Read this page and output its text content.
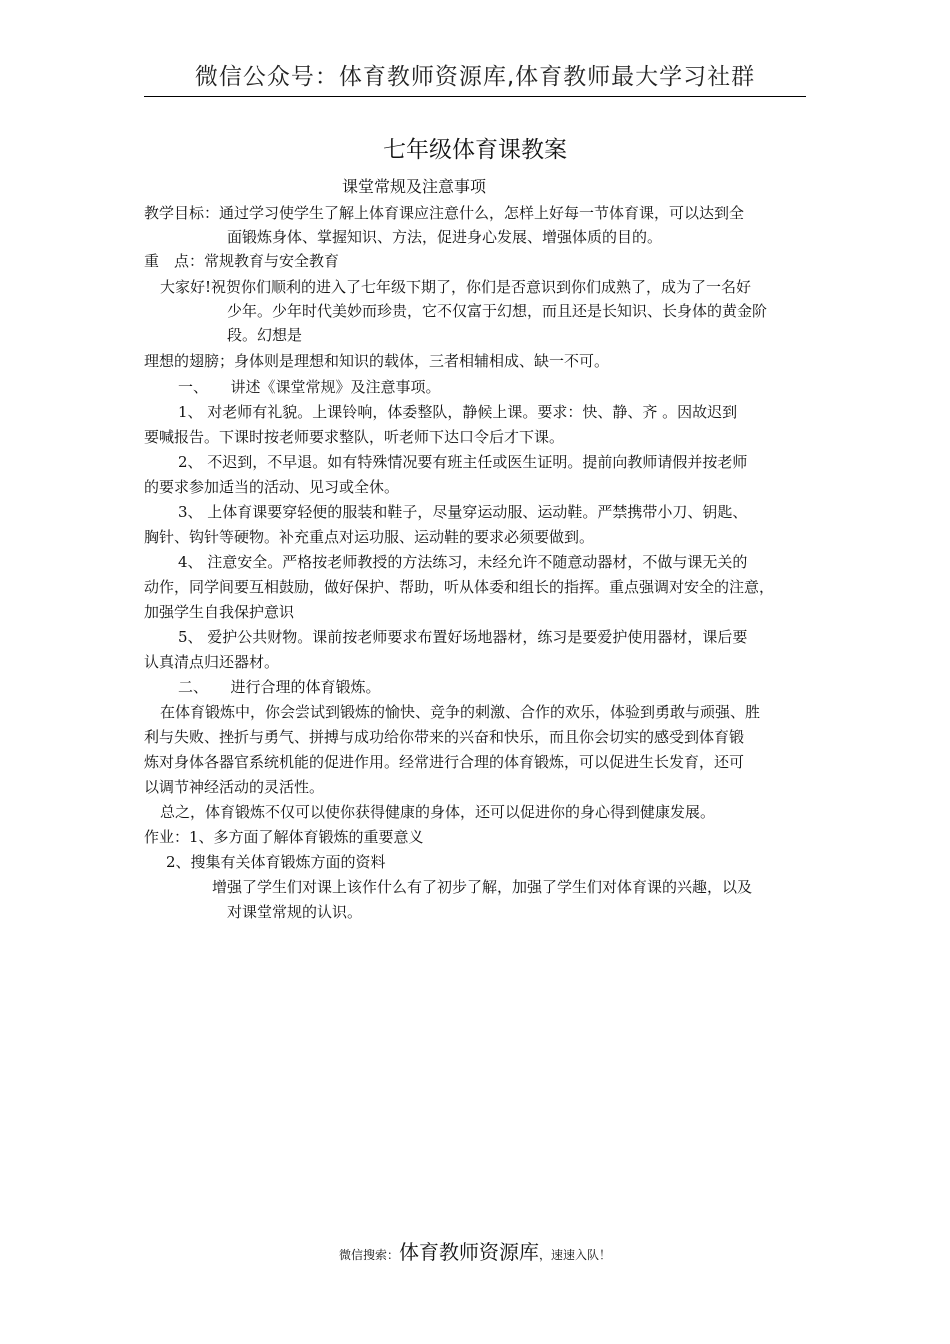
微信公众号：体育教师资源库,体育教师最大学习社群
七年级体育课教案
课堂常规及注意事项
教学目标：通过学习使学生了解上体育课应注意什么，怎样上好每一节体育课，可以达到全
面锻炼身体、掌握知识、方法，促进身心发展、增强体质的目的。
重　点：常规教育与安全教育
大家好!祝贺你们顺利的进入了七年级下期了，你们是否意识到你们成熟了，成为了一名好
少年。少年时代美妙而珍贵，它不仅富于幻想，而且还是长知识、长身体的黄金阶
段。幻想是
理想的翅膀；身体则是理想和知识的载体，三者相辅相成、缺一不可。
一、　　讲述《课堂常规》及注意事项。
1、 对老师有礼貌。上课铃响，体委整队，静候上课。要求：快、静、齐 。因故迟到
要喊报告。下课时按老师要求整队，听老师下达口令后才下课。
2、 不迟到，不早退。如有特殊情况要有班主任或医生证明。提前向教师请假并按老师
的要求参加适当的活动、见习或全休。
3、 上体育课要穿轻便的服装和鞋子，尽量穿运动服、运动鞋。严禁携带小刀、钥匙、
胸针、钩针等硬物。补充重点对运功服、运动鞋的要求必须要做到。
4、 注意安全。严格按老师教授的方法练习，未经允许不随意动器材，不做与课无关的
动作，同学间要互相鼓励，做好保护、帮助，听从体委和组长的指挥。重点强调对安全的注意，
加强学生自我保护意识
5、 爱护公共财物。课前按老师要求布置好场地器材，练习是要爱护使用器材，课后要
认真清点归还器材。
二、　　进行合理的体育锻炼。
在体育锻炼中，你会尝试到锻炼的愉快、竞争的刺激、合作的欢乐，体验到勇敢与顽强、胜
利与失败、挫折与勇气、拼搏与成功给你带来的兴奋和快乐，而且你会切实的感受到体育锻
炼对身体各器官系统机能的促进作用。经常进行合理的体育锻炼，可以促进生长发育，还可
以调节神经活动的灵活性。
总之，体育锻炼不仅可以使你获得健康的身体，还可以促进你的身心得到健康发展。
作业：1、多方面了解体育锻炼的重要意义
2、搜集有关体育锻炼方面的资料
增强了学生们对课上该作什么有了初步了解，加强了学生们对体育课的兴趣，以及
对课堂常规的认识。
微信搜索：体育教师资源库，速速入队！
